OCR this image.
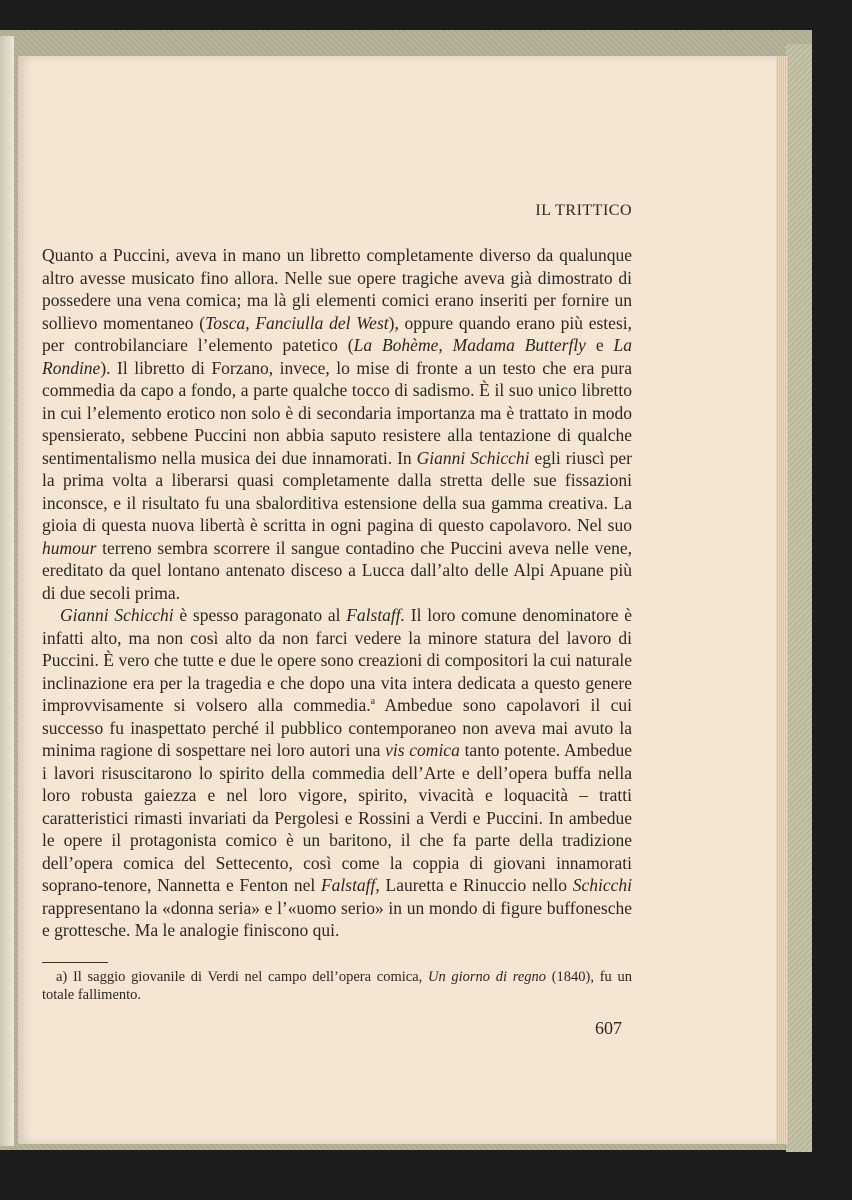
IL TRITTICO

Quanto a Puccini, aveva in mano un libretto completamente diverso da qualunque altro avesse musicato fino allora. Nelle sue opere tragiche aveva già dimostrato di possedere una vena comica; ma là gli elementi comici erano inseriti per fornire un sollievo momentaneo (Tosca, Fanciulla del West), oppure quando erano più estesi, per controbilanciare l’elemento patetico (La Bohème, Madama Butterfly e La Rondine). Il libretto di Forzano, invece, lo mise di fronte a un testo che era pura commedia da capo a fondo, a parte qualche tocco di sadismo. È il suo unico libretto in cui l’elemento erotico non solo è di secondaria importanza ma è trattato in modo spensierato, sebbene Puccini non abbia saputo resistere alla tentazione di qualche sentimentalismo nella musica dei due innamorati. In Gianni Schicchi egli riuscì per la prima volta a liberarsi quasi completamente dalla stretta delle sue fissazioni inconsce, e il risultato fu una sbalorditiva estensione della sua gamma creativa. La gioia di questa nuova libertà è scritta in ogni pagina di questo capolavoro. Nel suo humour terreno sembra scorrere il sangue contadino che Puccini aveva nelle vene, ereditato da quel lontano antenato disceso a Lucca dall’alto delle Alpi Apuane più di due secoli prima.

Gianni Schicchi è spesso paragonato al Falstaff. Il loro comune denominatore è infatti alto, ma non così alto da non farci vedere la minore statura del lavoro di Puccini. È vero che tutte e due le opere sono creazioni di compositori la cui naturale inclinazione era per la tragedia e che dopo una vita intera dedicata a questo genere improvvisamente si volsero alla commedia.$^a$ Ambedue sono capolavori il cui successo fu inaspettato perché il pubblico contemporaneo non aveva mai avuto la minima ragione di sospettare nei loro autori una vis comica tanto potente. Ambedue i lavori risuscitarono lo spirito della commedia dell’Arte e dell’opera buffa nella loro robusta gaiezza e nel loro vigore, spirito, vivacità e loquacità – tratti caratteristici rimasti invariati da Pergolesi e Rossini a Verdi e Puccini. In ambedue le opere il protagonista comico è un baritono, il che fa parte della tradizione dell’opera comica del Settecento, così come la coppia di giovani innamorati soprano-tenore, Nannetta e Fenton nel Falstaff, Lauretta e Rinuccio nello Schicchi rappresentano la «donna seria» e l’«uomo serio» in un mondo di figure buffonesche e grottesche. Ma le analogie finiscono qui.

a) Il saggio giovanile di Verdi nel campo dell’opera comica, Un giorno di regno (1840), fu un totale fallimento.
607
